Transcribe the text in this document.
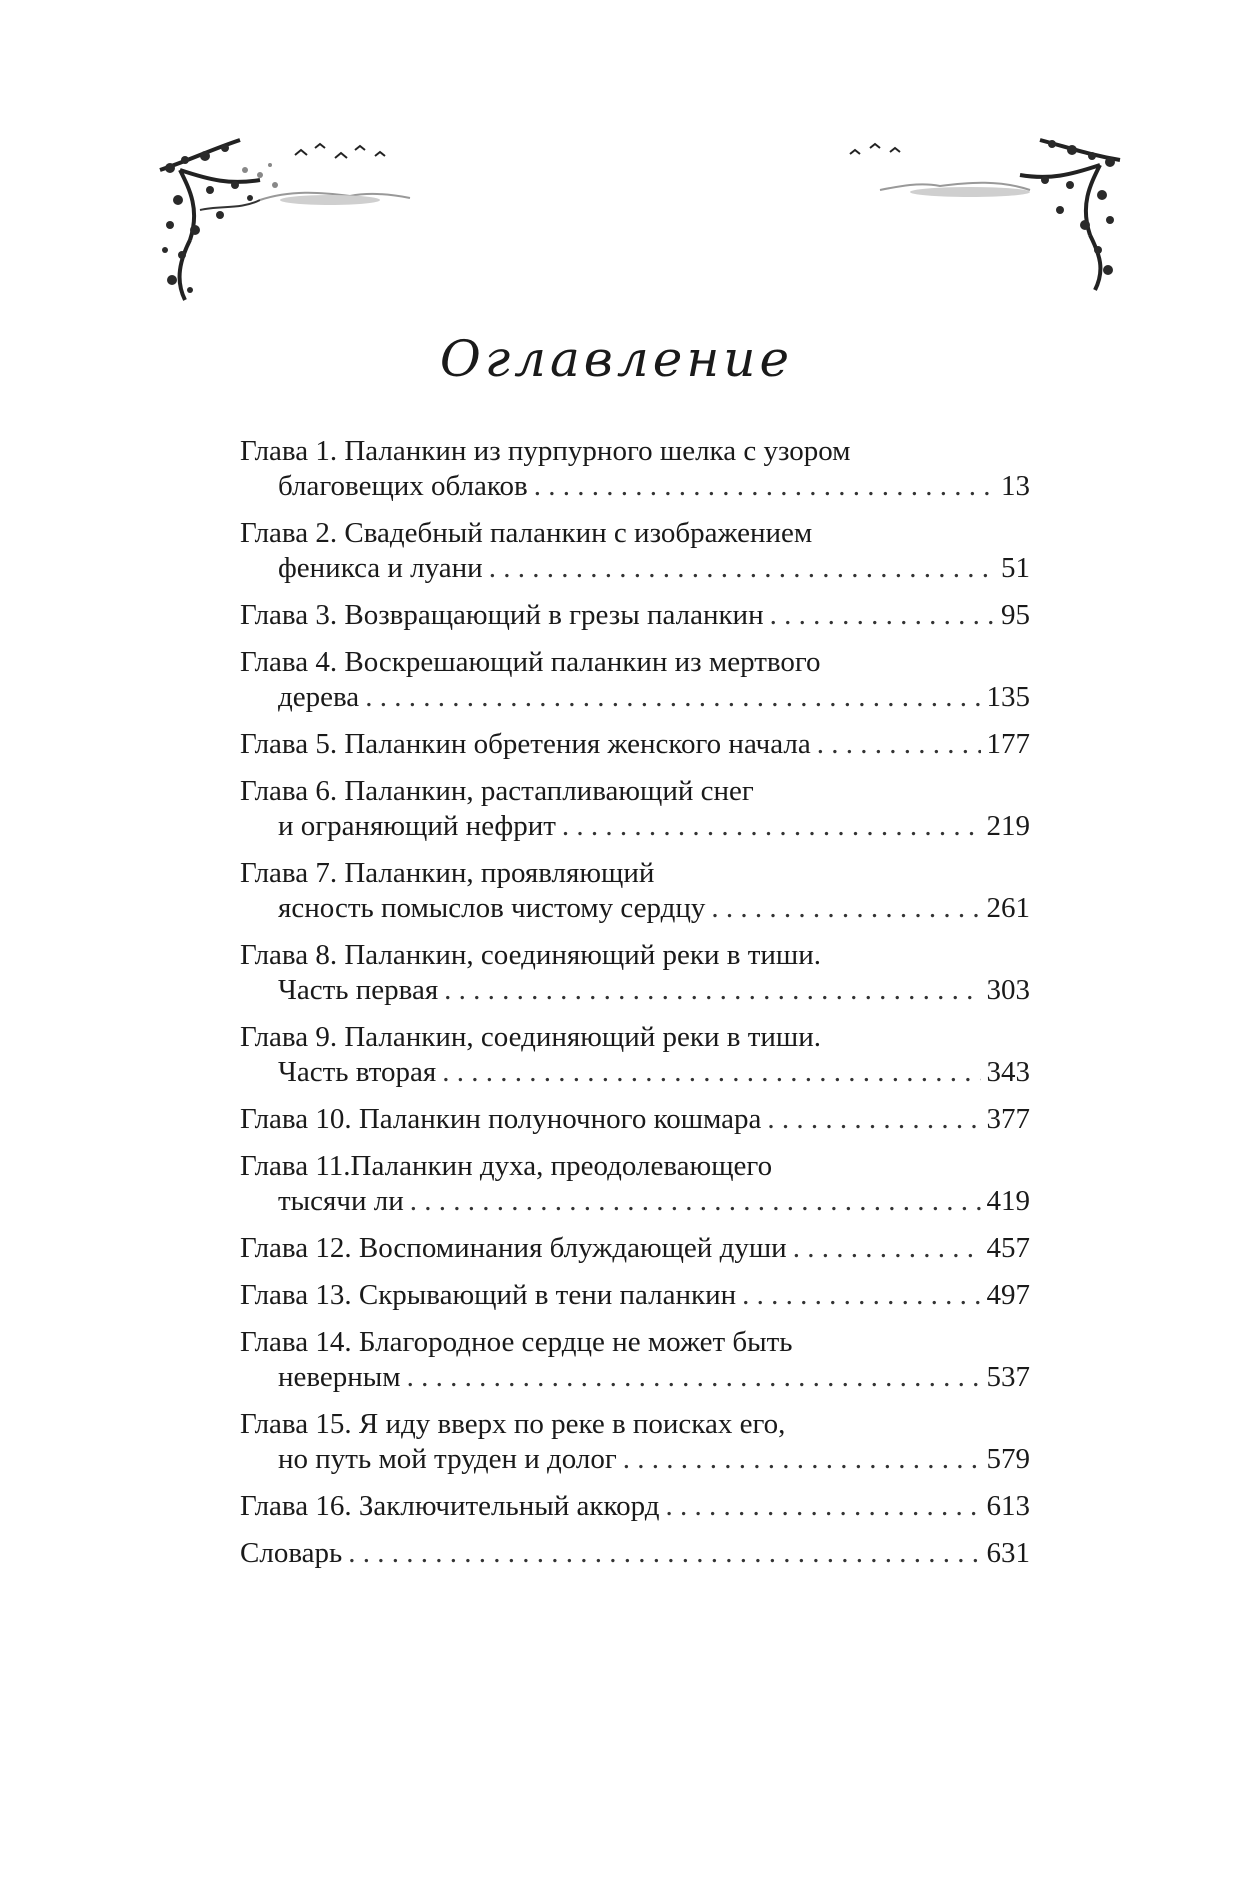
Оглавление
Глава 1. Паланкин из пурпурного шелка с узором
благовещих облаков . . .	13
Глава 2. Свадебный паланкин с изображением
феникса и луани . . .	51
Глава 3. Возвращающий в грезы паланкин . . .	95
Глава 4. Воскрешающий паланкин из мертвого
дерева . . .	135
Глава 5. Паланкин обретения женского начала . . .	177
Глава 6. Паланкин, растапливающий снег
и ограняющий нефрит . . .	219
Глава 7. Паланкин, проявляющий
ясность помыслов чистому сердцу . . .	261
Глава 8. Паланкин, соединяющий реки в тиши.
Часть первая . . .	303
Глава 9. Паланкин, соединяющий реки в тиши.
Часть вторая . . .	343
Глава 10. Паланкин полуночного кошмара . . .	377
Глава 11.Паланкин духа, преодолевающего
тысячи ли . . .	419
Глава 12. Воспоминания блуждающей души . . .	457
Глава 13. Скрывающий в тени паланкин . . .	497
Глава 14. Благородное сердце не может быть
неверным . . .	537
Глава 15. Я иду вверх по реке в поисках его,
но путь мой труден и долог . . .	579
Глава 16. Заключительный аккорд . . .	613
Словарь . . .	631
